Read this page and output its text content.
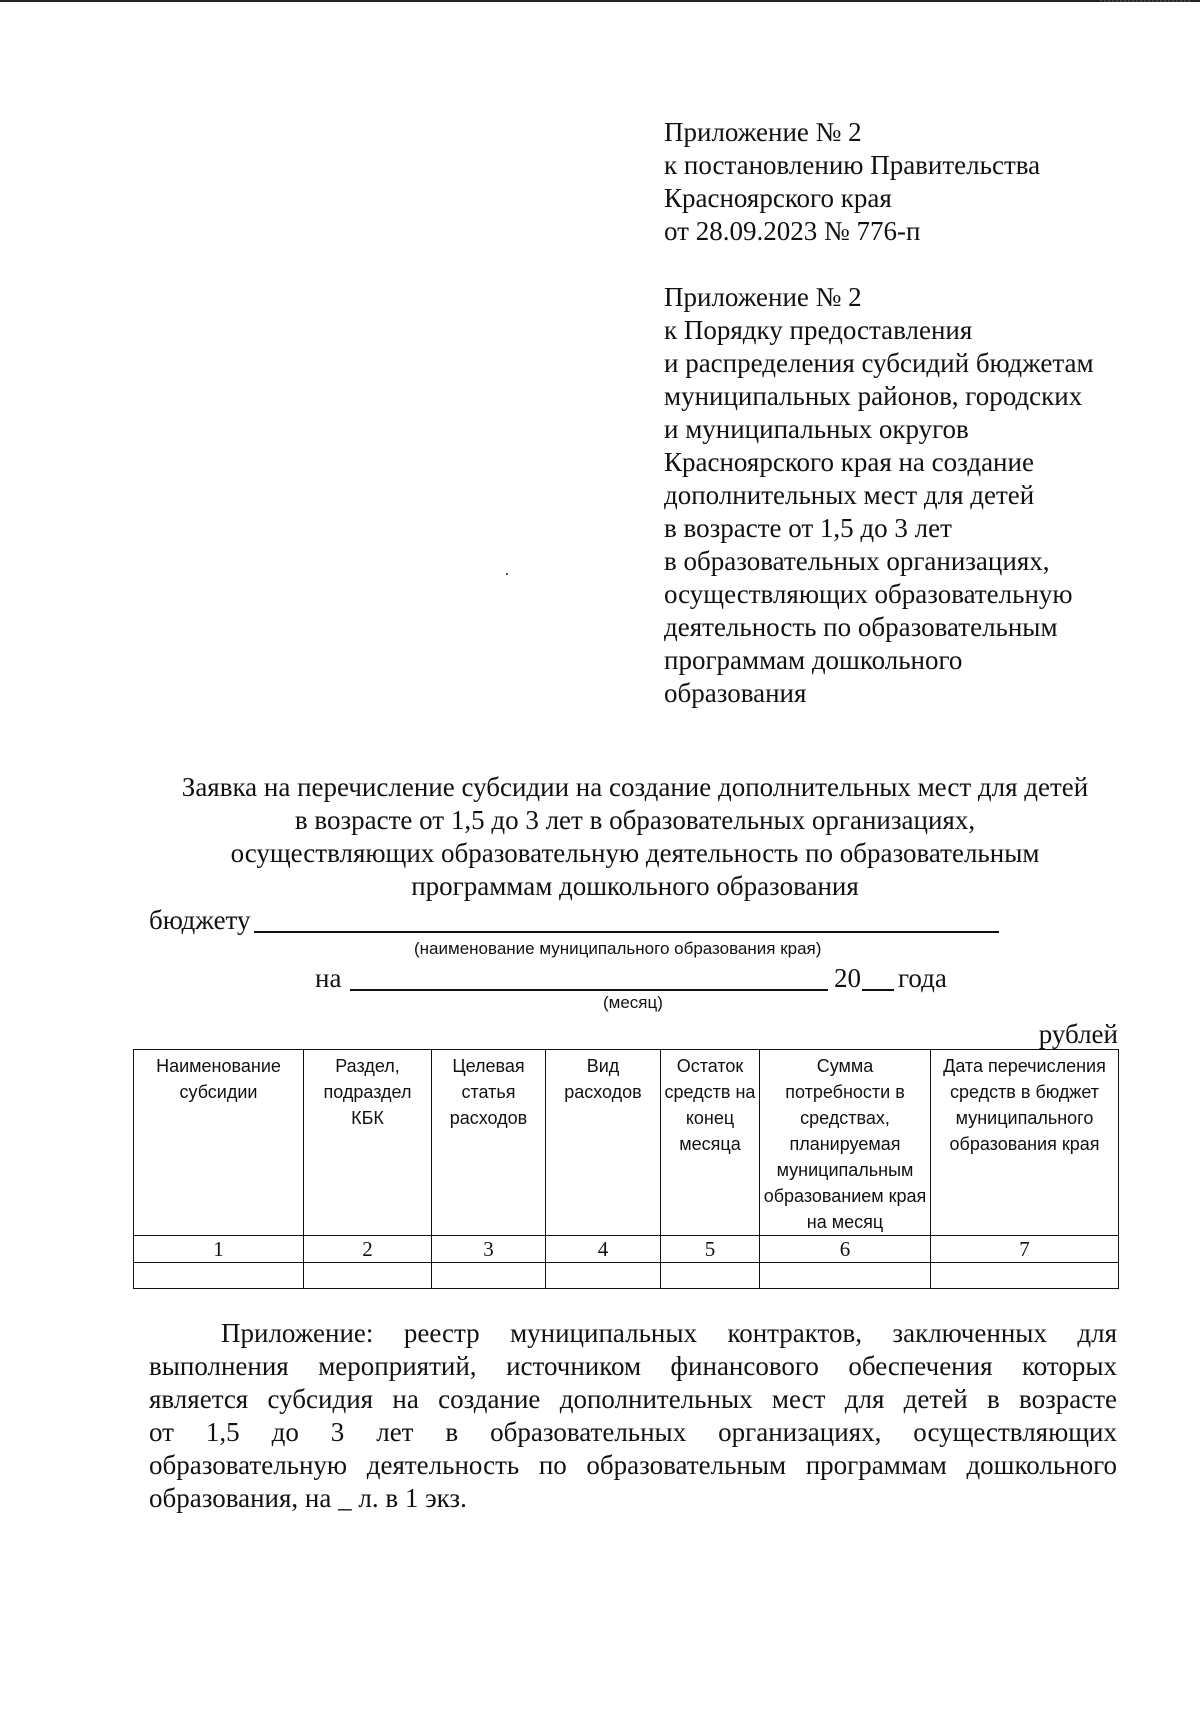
Приложение № 2
к постановлению Правительства
Красноярского края
от 28.09.2023 № 776-п
Приложение № 2
к Порядку предоставления
и распределения субсидий бюджетам
муниципальных районов, городских
и муниципальных округов
Красноярского края на создание
дополнительных мест для детей
в возрасте от 1,5 до 3 лет
в образовательных организациях,
осуществляющих образовательную
деятельность по образовательным
программам дошкольного
образования
Заявка на перечисление субсидии на создание дополнительных мест для детей
в возрасте от 1,5 до 3 лет в образовательных организациях,
осуществляющих образовательную деятельность по образовательным
программам дошкольного образования
бюджету
(наименование муниципального образования края)
на	20 года
(месяц)
рублей
Наименование субсидии	Раздел, подраздел КБК	Целевая статья расходов	Вид расходов	Остаток средств на конец месяца	Сумма потребности в средствах, планируемая муниципальным образованием края на месяц	Дата перечисления средств в бюджет муниципального образования края
1	2	3	4	5	6	7

Приложение: реестр муниципальных контрактов, заключенных для
выполнения мероприятий, источником финансового обеспечения которых
является субсидия на создание дополнительных мест для детей в возрасте
от 1,5 до 3 лет в образовательных организациях, осуществляющих
образовательную деятельность по образовательным программам дошкольного
образования, на _ л. в 1 экз.
